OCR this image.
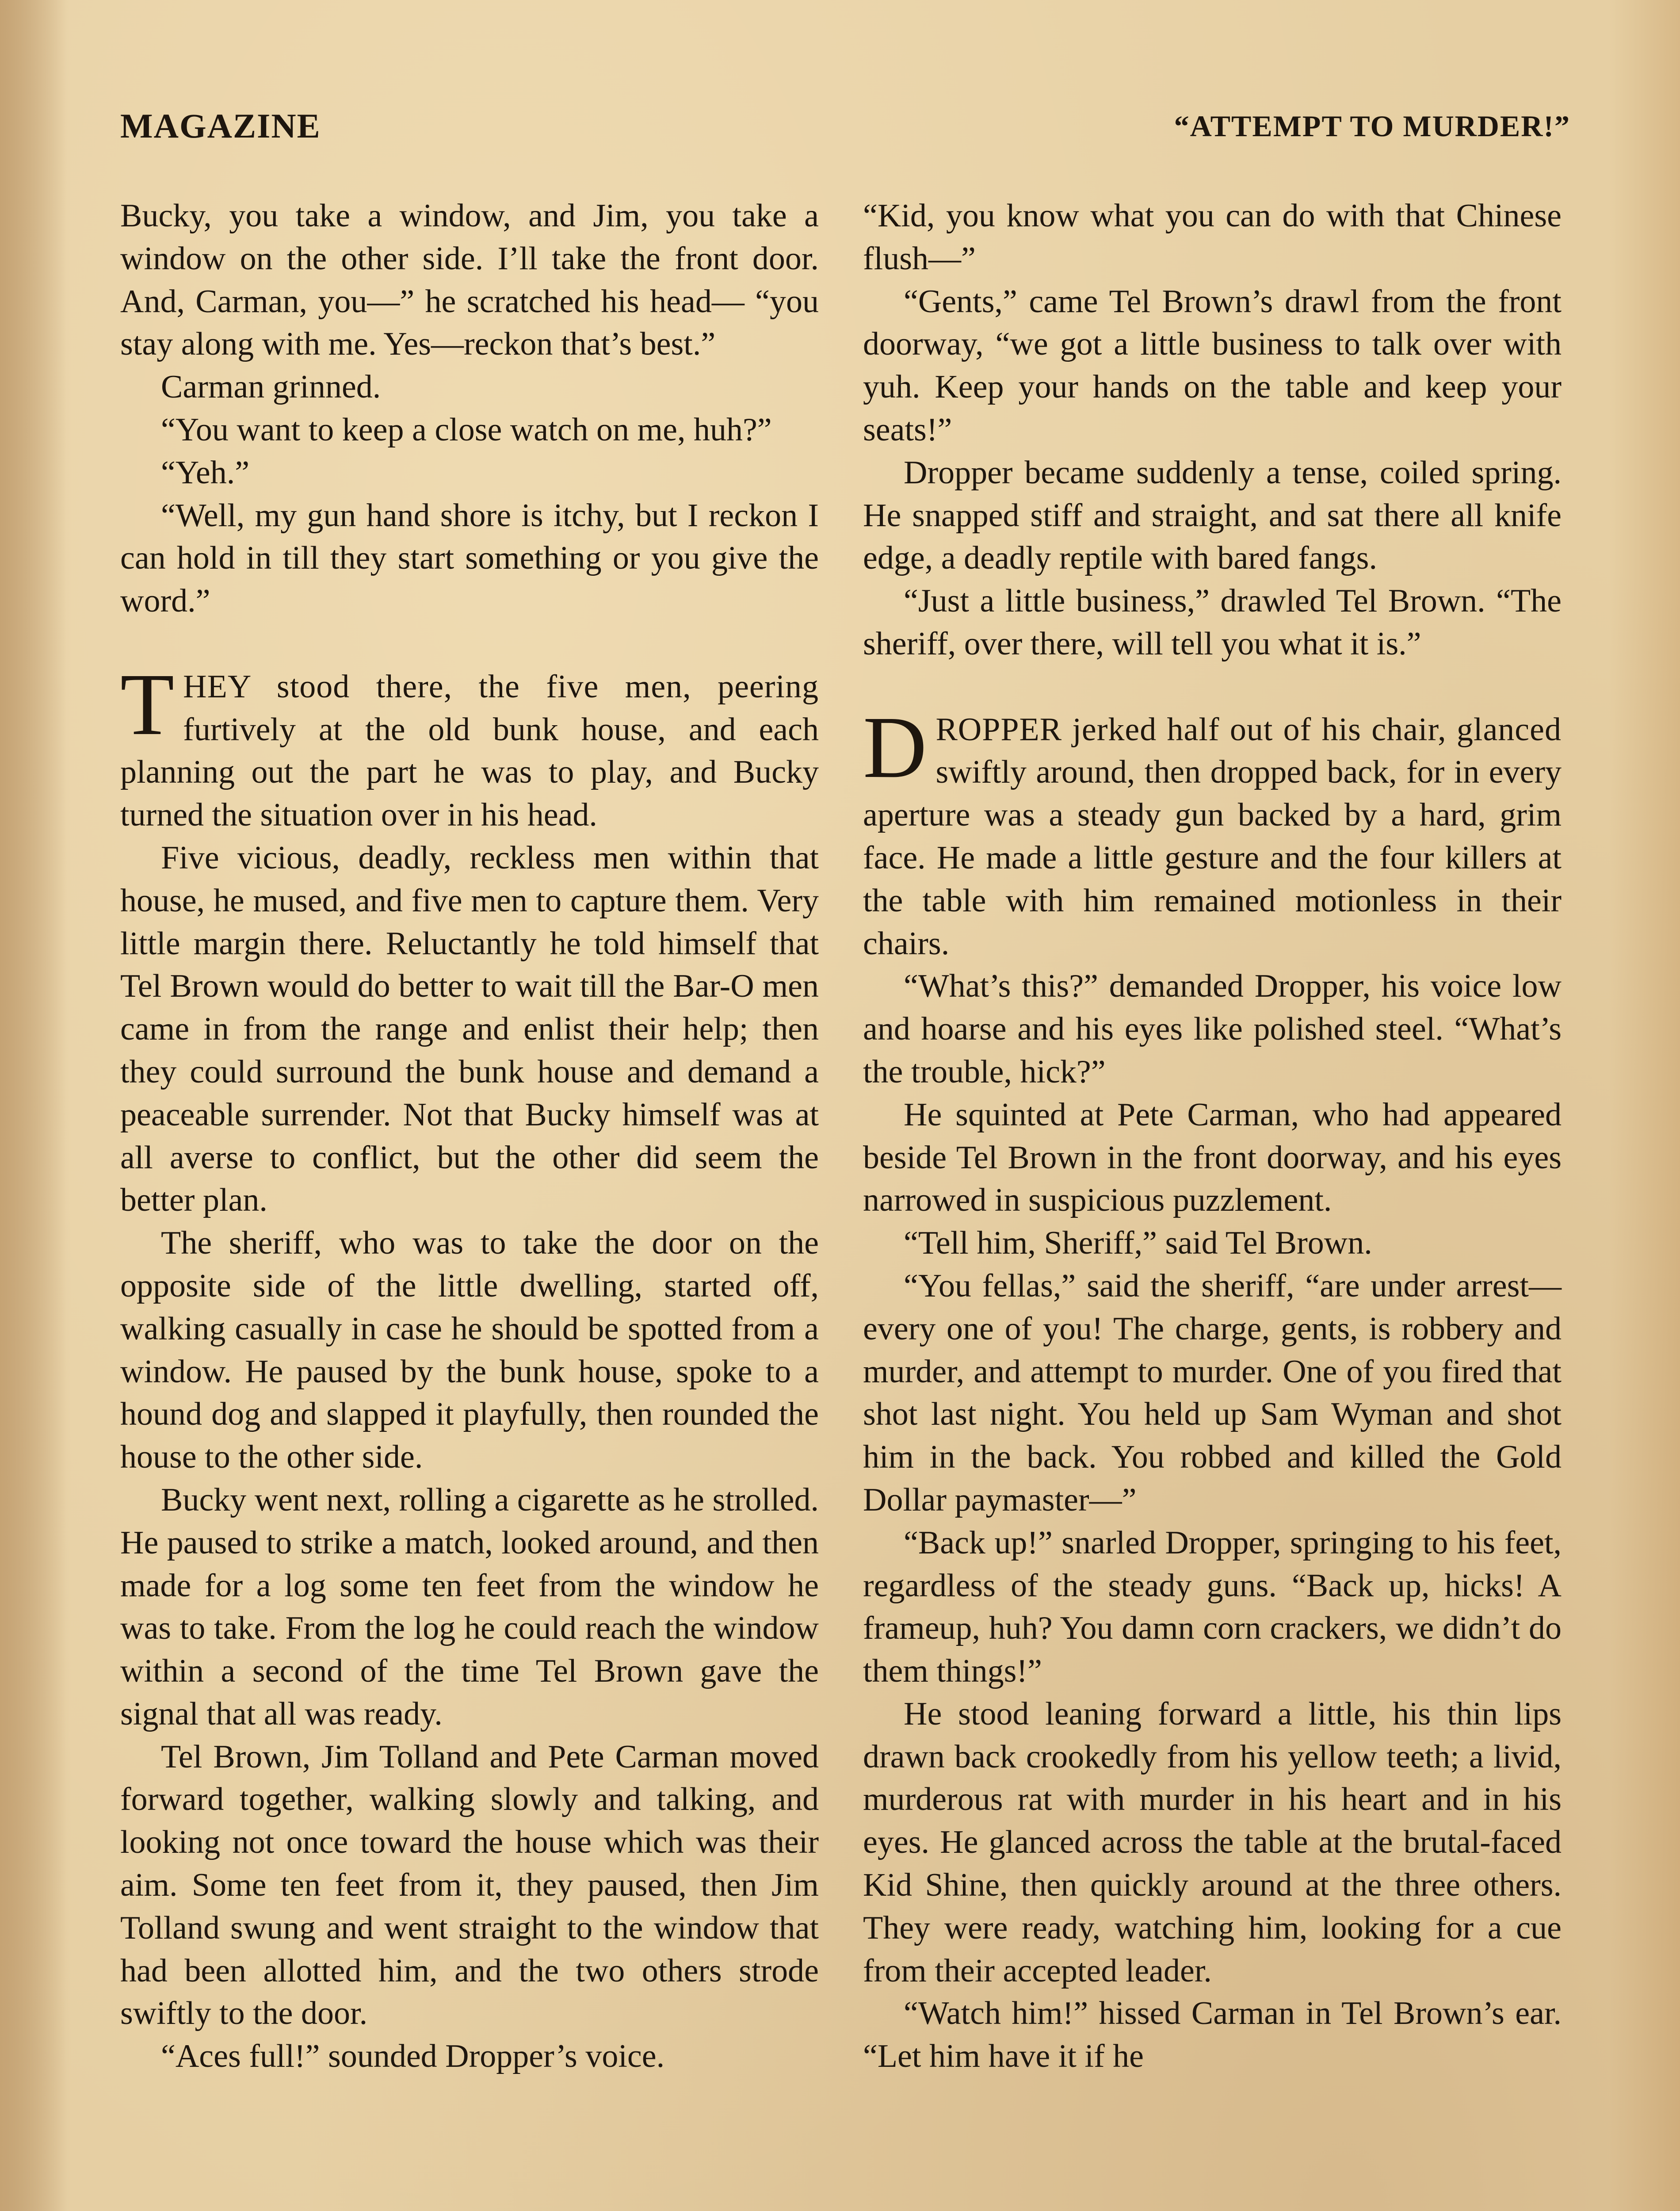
MAGAZINE	“ATTEMPT TO MURDER!”

Bucky, you take a window, and Jim, you take a window on the other side. I’ll take the front door. And, Carman, you—” he scratched his head— “you stay along with me. Yes—reckon that’s best.”

Carman grinned.

“You want to keep a close watch on me, huh?”

“Yeh.”

“Well, my gun hand shore is itchy, but I reckon I can hold in till they start something or you give the word.”

THEY stood there, the five men, peering furtively at the old bunk house, and each planning out the part he was to play, and Bucky turned the situation over in his head.

Five vicious, deadly, reckless men within that house, he mused, and five men to capture them. Very little margin there. Reluctantly he told himself that Tel Brown would do better to wait till the Bar-O men came in from the range and enlist their help; then they could surround the bunk house and demand a peaceable surrender. Not that Bucky himself was at all averse to conflict, but the other did seem the better plan.

The sheriff, who was to take the door on the opposite side of the little dwelling, started off, walking casually in case he should be spotted from a window. He paused by the bunk house, spoke to a hound dog and slapped it playfully, then rounded the house to the other side.

Bucky went next, rolling a cigarette as he strolled. He paused to strike a match, looked around, and then made for a log some ten feet from the window he was to take. From the log he could reach the window within a second of the time Tel Brown gave the signal that all was ready.

Tel Brown, Jim Tolland and Pete Carman moved forward together, walking slowly and talking, and looking not once toward the house which was their aim. Some ten feet from it, they paused, then Jim Tolland swung and went straight to the window that had been allotted him, and the two others strode swiftly to the door.

“Aces full!” sounded Dropper’s voice.

“Kid, you know what you can do with that Chinese flush—”

“Gents,” came Tel Brown’s drawl from the front doorway, “we got a little business to talk over with yuh. Keep your hands on the table and keep your seats!”

Dropper became suddenly a tense, coiled spring. He snapped stiff and straight, and sat there all knife edge, a deadly reptile with bared fangs.

“Just a little business,” drawled Tel Brown. “The sheriff, over there, will tell you what it is.”

DROPPER jerked half out of his chair, glanced swiftly around, then dropped back, for in every aperture was a steady gun backed by a hard, grim face. He made a little gesture and the four killers at the table with him remained motionless in their chairs.

“What’s this?” demanded Dropper, his voice low and hoarse and his eyes like polished steel. “What’s the trouble, hick?”

He squinted at Pete Carman, who had appeared beside Tel Brown in the front doorway, and his eyes narrowed in suspicious puzzlement.

“Tell him, Sheriff,” said Tel Brown.

“You fellas,” said the sheriff, “are under arrest—every one of you! The charge, gents, is robbery and murder, and attempt to murder. One of you fired that shot last night. You held up Sam Wyman and shot him in the back. You robbed and killed the Gold Dollar paymaster—”

“Back up!” snarled Dropper, springing to his feet, regardless of the steady guns. “Back up, hicks! A frameup, huh? You damn corn crackers, we didn’t do them things!”

He stood leaning forward a little, his thin lips drawn back crookedly from his yellow teeth; a livid, murderous rat with murder in his heart and in his eyes. He glanced across the table at the brutal-faced Kid Shine, then quickly around at the three others. They were ready, watching him, looking for a cue from their accepted leader.

“Watch him!” hissed Carman in Tel Brown’s ear. “Let him have it if he
